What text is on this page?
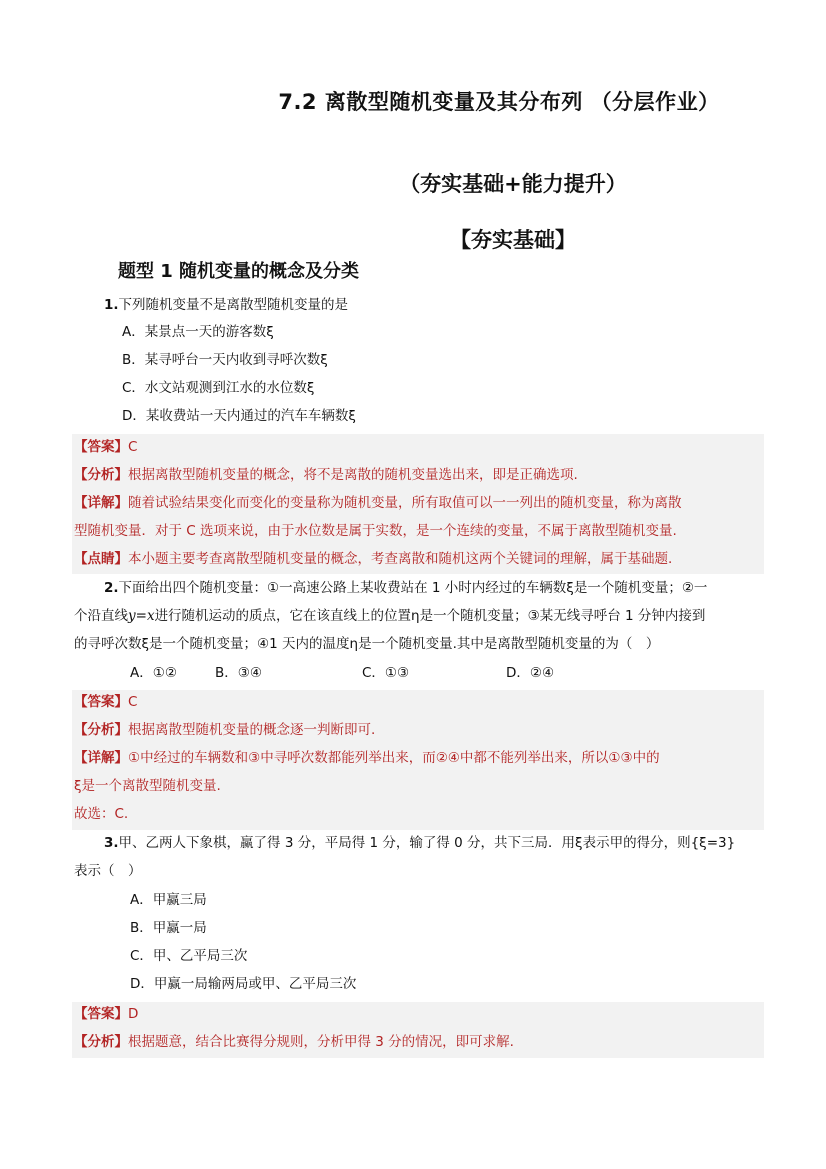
7.2 离散型随机变量及其分布列 （分层作业）
（夯实基础+能力提升）
【夯实基础】
题型 1 随机变量的概念及分类
1.下列随机变量不是离散型随机变量的是
A．某景点一天的游客数ξ
B．某寻呼台一天内收到寻呼次数ξ
C．水文站观测到江水的水位数ξ
D．某收费站一天内通过的汽车车辆数ξ
【答案】C
【分析】根据离散型随机变量的概念，将不是离散的随机变量选出来，即是正确选项.
【详解】随着试验结果变化而变化的变量称为随机变量，所有取值可以一一列出的随机变量，称为离散
型随机变量．对于 C 选项来说，由于水位数是属于实数，是一个连续的变量，不属于离散型随机变量.
【点睛】本小题主要考查离散型随机变量的概念，考查离散和随机这两个关键词的理解，属于基础题.
2.下面给出四个随机变量：①一高速公路上某收费站在 1 小时内经过的车辆数ξ是一个随机变量；②一
个沿直线y=x进行随机运动的质点，它在该直线上的位置η是一个随机变量；③某无线寻呼台 1 分钟内接到
的寻呼次数ξ是一个随机变量；④1 天内的温度η是一个随机变量.其中是离散型随机变量的为（　）
A．①②	B．③④	C．①③	D．②④
【答案】C
【分析】根据离散型随机变量的概念逐一判断即可.
【详解】①中经过的车辆数和③中寻呼次数都能列举出来，而②④中都不能列举出来，所以①③中的
ξ是一个离散型随机变量.
故选：C.
3.甲、乙两人下象棋，赢了得 3 分，平局得 1 分，输了得 0 分，共下三局．用ξ表示甲的得分，则{ξ=3}
表示（　）
A．甲赢三局
B．甲赢一局
C．甲、乙平局三次
D．甲赢一局输两局或甲、乙平局三次
【答案】D
【分析】根据题意，结合比赛得分规则，分析甲得 3 分的情况，即可求解.
